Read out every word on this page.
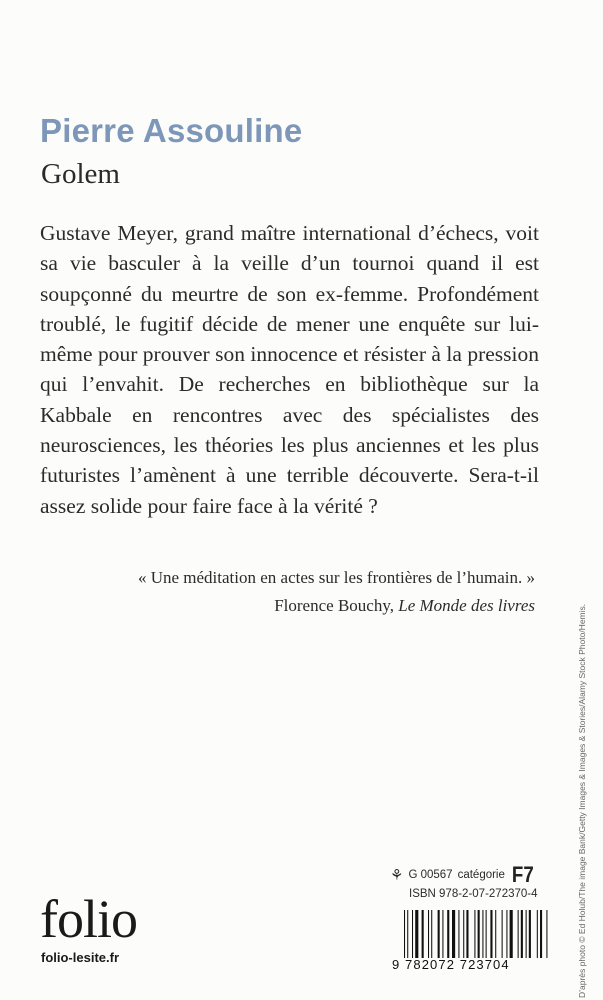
Pierre Assouline
Golem

Gustave Meyer, grand maître international d’échecs, voit sa vie basculer à la veille d’un tournoi quand il est soupçonné du meurtre de son ex-femme. Profondément troublé, le fugitif décide de mener une enquête sur lui-même pour prouver son innocence et résister à la pression qui l’envahit. De recherches en bibliothèque sur la Kabbale en rencontres avec des spécialistes des neurosciences, les théories les plus anciennes et les plus futuristes l’amènent à une terrible découverte. Sera-t-il assez solide pour faire face à la vérité ?

« Une méditation en actes sur les frontières de l’humain. »
Florence Bouchy, Le Monde des livres	D’après photo © Ed Holub/The image Bank/Getty Images & Images & Stories/Alamy Stock Photo/Hemis.
⚘ G 00567 catégorie F7
ISBN 978-2-07-272370-4
9 782072 723704
folio
folio-lesite.fr
